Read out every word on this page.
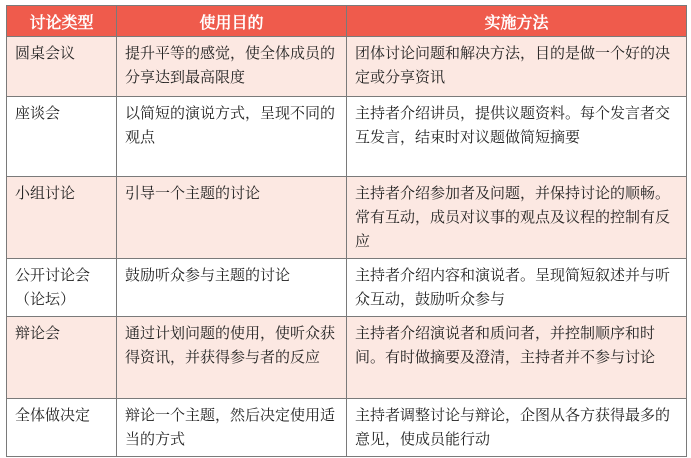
讨论类型	使用目的	实施方法
圆桌会议	提升平等的感觉，使全体成员的分享达到最高限度	团体讨论问题和解决方法，目的是做一个好的决定或分享资讯
座谈会	以简短的演说方式，呈现不同的观点	主持者介绍讲员，提供议题资料。每个发言者交互发言，结束时对议题做简短摘要
小组讨论	引导一个主题的讨论	主持者介绍参加者及问题，并保持讨论的顺畅。常有互动，成员对议事的观点及议程的控制有反应
公开讨论会（论坛）	鼓励听众参与主题的讨论	主持者介绍内容和演说者。呈现简短叙述并与听众互动，鼓励听众参与
辩论会	通过计划问题的使用，使听众获得资讯，并获得参与者的反应	主持者介绍演说者和质问者，并控制顺序和时间。有时做摘要及澄清，主持者并不参与讨论
全体做决定	辩论一个主题，然后决定使用适当的方式	主持者调整讨论与辩论，企图从各方获得最多的意见，使成员能行动
